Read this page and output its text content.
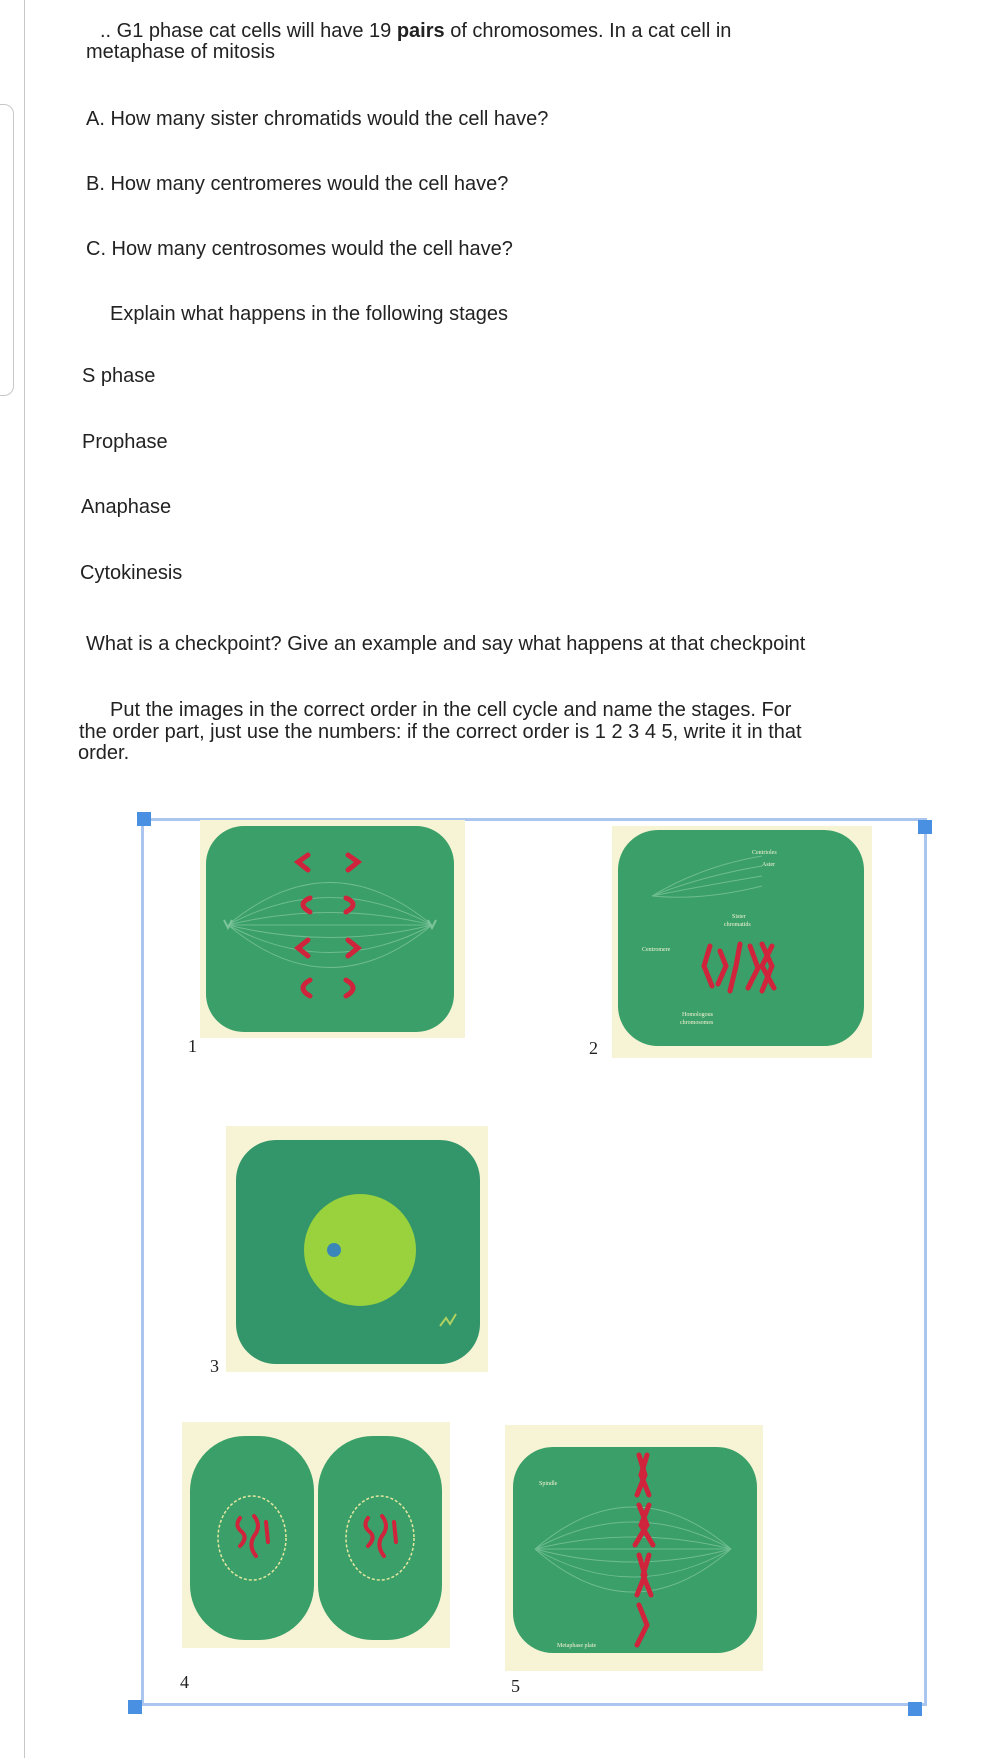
.. G1 phase cat cells will have 19 pairs of chromosomes. In a cat cell in
metaphase of mitosis
A. How many sister chromatids would the cell have?
B. How many centromeres would the cell have?
C. How many centrosomes would the cell have?
Explain what happens in the following stages
S phase
Prophase
Anaphase
Cytokinesis
What is a checkpoint? Give an example and say what happens at that checkpoint
Put the images in the correct order in the cell cycle and name the stages. For
the order part, just use the numbers: if the correct order is 1 2 3 4 5, write it in that
order.
1
Centrioles
Aster
Sister
chromatids
Centromere
Homologous
chromosomes
2
3
4
Spindle
Metaphase plate
5
